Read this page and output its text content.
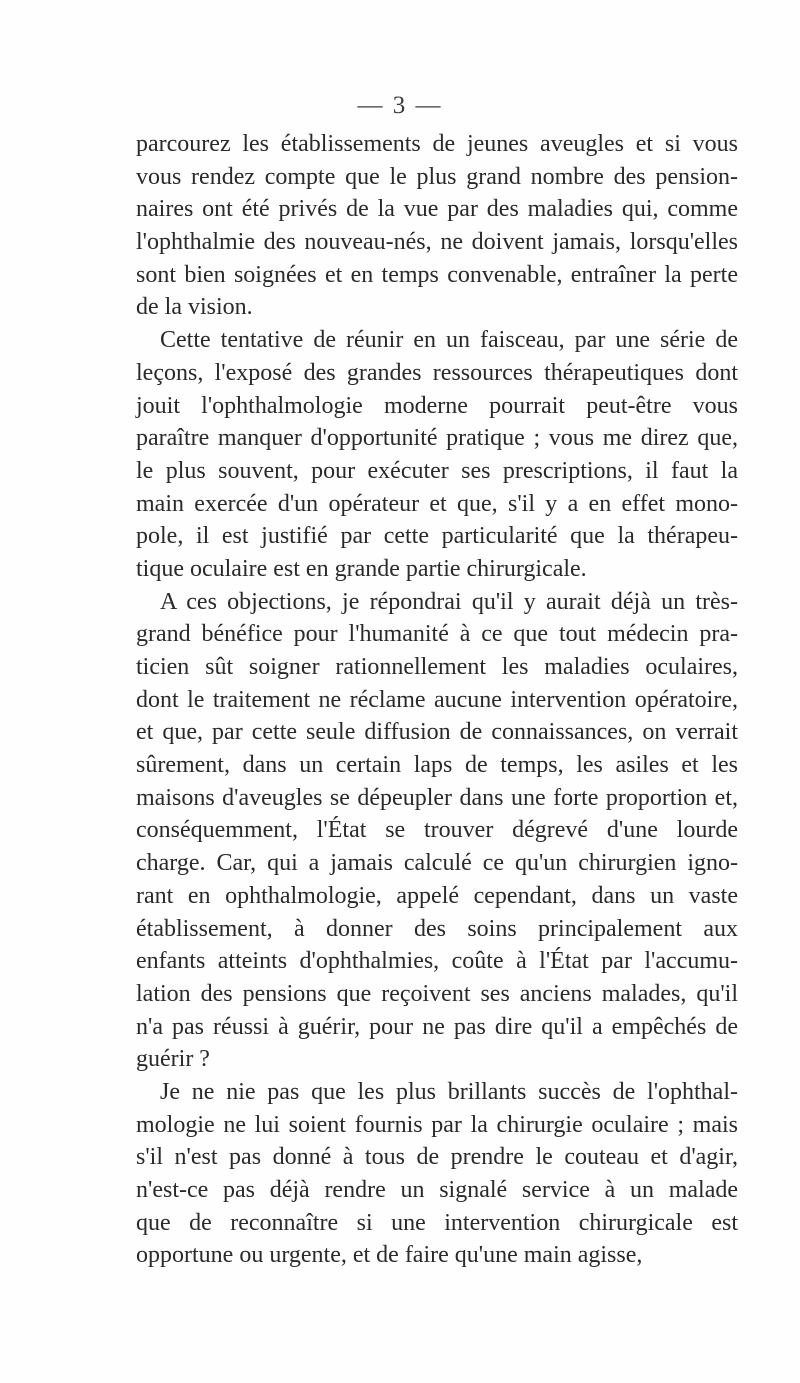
— 3 —
parcourez les établissements de jeunes aveugles et si vous
vous rendez compte que le plus grand nombre des pension-
naires ont été privés de la vue par des maladies qui, comme
l'ophthalmie des nouveau-nés, ne doivent jamais, lorsqu'elles
sont bien soignées et en temps convenable, entraîner la perte
de la vision.
Cette tentative de réunir en un faisceau, par une série de
leçons, l'exposé des grandes ressources thérapeutiques dont
jouit l'ophthalmologie moderne pourrait peut-être vous
paraître manquer d'opportunité pratique ; vous me direz que,
le plus souvent, pour exécuter ses prescriptions, il faut la
main exercée d'un opérateur et que, s'il y a en effet mono-
pole, il est justifié par cette particularité que la thérapeu-
tique oculaire est en grande partie chirurgicale.
A ces objections, je répondrai qu'il y aurait déjà un très-
grand bénéfice pour l'humanité à ce que tout médecin pra-
ticien sût soigner rationnellement les maladies oculaires,
dont le traitement ne réclame aucune intervention opératoire,
et que, par cette seule diffusion de connaissances, on verrait
sûrement, dans un certain laps de temps, les asiles et les
maisons d'aveugles se dépeupler dans une forte proportion et,
conséquemment, l'État se trouver dégrevé d'une lourde
charge. Car, qui a jamais calculé ce qu'un chirurgien igno-
rant en ophthalmologie, appelé cependant, dans un vaste
établissement, à donner des soins principalement aux
enfants atteints d'ophthalmies, coûte à l'État par l'accumu-
lation des pensions que reçoivent ses anciens malades, qu'il
n'a pas réussi à guérir, pour ne pas dire qu'il a empêchés de
guérir ?
Je ne nie pas que les plus brillants succès de l'ophthal-
mologie ne lui soient fournis par la chirurgie oculaire ; mais
s'il n'est pas donné à tous de prendre le couteau et d'agir,
n'est-ce pas déjà rendre un signalé service à un malade
que de reconnaître si une intervention chirurgicale est
opportune ou urgente, et de faire qu'une main agisse,
